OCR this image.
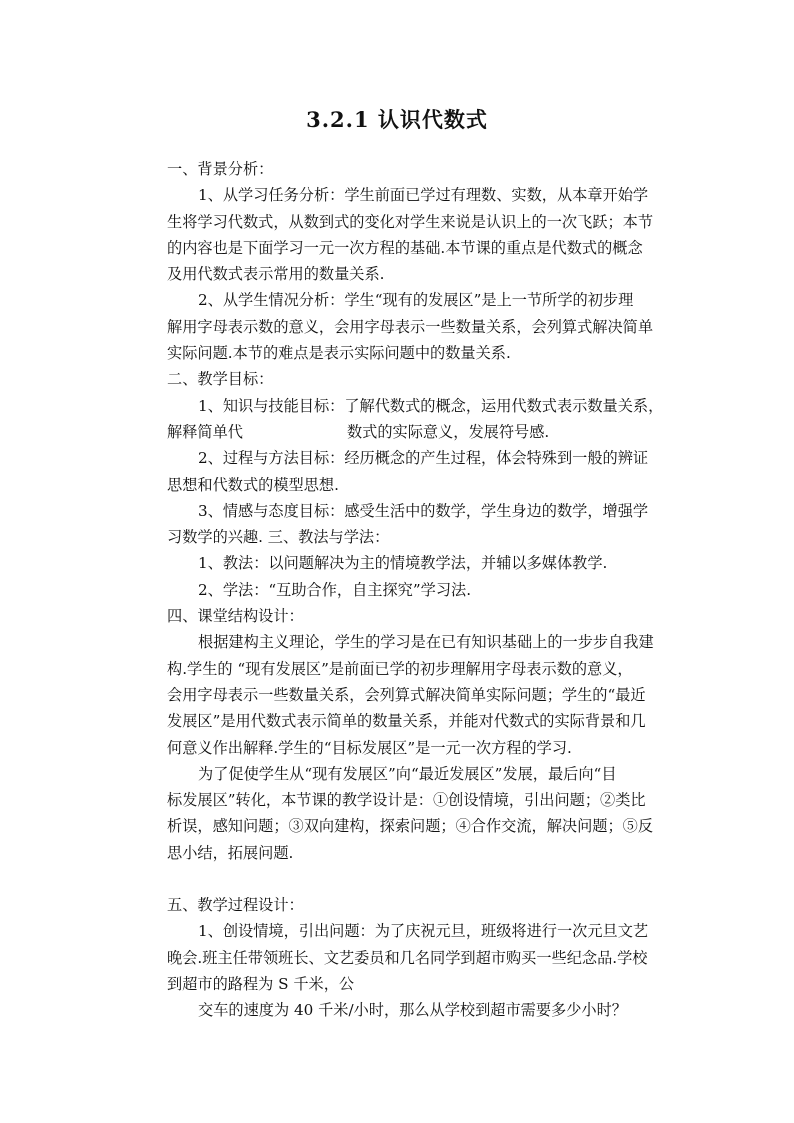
3.2.1 认识代数式
一、背景分析：
1、从学习任务分析：学生前面已学过有理数、实数，从本章开始学
生将学习代数式，从数到式的变化对学生来说是认识上的一次飞跃；本节
的内容也是下面学习一元一次方程的基础.本节课的重点是代数式的概念
及用代数式表示常用的数量关系.
2、从学生情况分析：学生“现有的发展区”是上一节所学的初步理
解用字母表示数的意义，会用字母表示一些数量关系，会列算式解决简单
实际问题.本节的难点是表示实际问题中的数量关系.
二、教学目标：
1、知识与技能目标：了解代数式的概念，运用代数式表示数量关系，
解释简单代	数式的实际意义，发展符号感.
2、过程与方法目标：经历概念的产生过程，体会特殊到一般的辨证
思想和代数式的模型思想.
3、情感与态度目标：感受生活中的数学，学生身边的数学，增强学
习数学的兴趣. 三、教法与学法：
1、教法：以问题解决为主的情境教学法，并辅以多媒体教学.
2、学法：“互助合作，自主探究”学习法.
四、课堂结构设计：
根据建构主义理论，学生的学习是在已有知识基础上的一步步自我建
构.学生的 “现有发展区”是前面已学的初步理解用字母表示数的意义，
会用字母表示一些数量关系，会列算式解决简单实际问题；学生的“最近
发展区”是用代数式表示简单的数量关系，并能对代数式的实际背景和几
何意义作出解释.学生的“目标发展区”是一元一次方程的学习.
为了促使学生从“现有发展区”向“最近发展区”发展，最后向“目
标发展区”转化，本节课的教学设计是：①创设情境，引出问题；②类比
析误，感知问题；③双向建构，探索问题；④合作交流，解决问题；⑤反
思小结，拓展问题.
五、教学过程设计：
1、创设情境，引出问题：为了庆祝元旦，班级将进行一次元旦文艺
晚会.班主任带领班长、文艺委员和几名同学到超市购买一些纪念品.学校
到超市的路程为 S 千米，公
交车的速度为 40 千米/小时，那么从学校到超市需要多少小时？
